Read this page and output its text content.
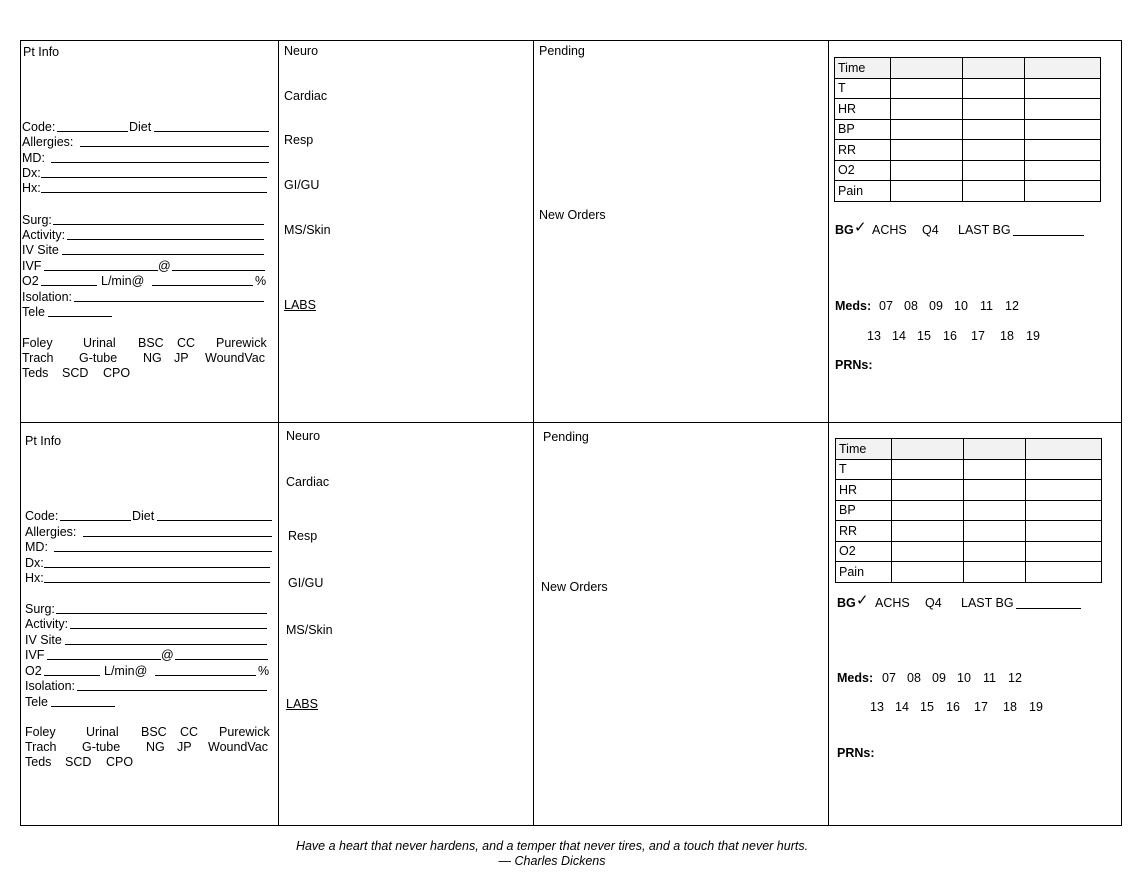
Pt Info
Code:	Diet
Allergies:
MD:
Dx:
Hx:
Surg:
Activity:
IV Site
IVF	@
O2	L/min@	%
Isolation:
Tele
Foley Urinal BSC CC Purewick
Trach G-tube NG JP WoundVac
Teds SCD CPO
Neuro
Cardiac
Resp
GI/GU
MS/Skin
LABS
Pending
New Orders
Time			
T			
HR			
BP			
RR			
O2			
Pain			
BG ✓ ACHS Q4 LAST BG
Meds: 07 08 09 10 11 12
13 14 15 16 17 18 19
PRNs:
Pt Info
Code:	Diet
Allergies:
MD:
Dx:
Hx:
Surg:
Activity:
IV Site
IVF	@
O2	L/min@	%
Isolation:
Tele
Foley Urinal BSC CC Purewick
Trach G-tube NG JP WoundVac
Teds SCD CPO
Neuro
Cardiac
Resp
GI/GU
MS/Skin
LABS
Pending
New Orders
Time			
T			
HR			
BP			
RR			
O2			
Pain			
BG ✓ ACHS Q4 LAST BG
Meds: 07 08 09 10 11 12
13 14 15 16 17 18 19
PRNs:
Have a heart that never hardens, and a temper that never tires, and a touch that never hurts.
— Charles Dickens
